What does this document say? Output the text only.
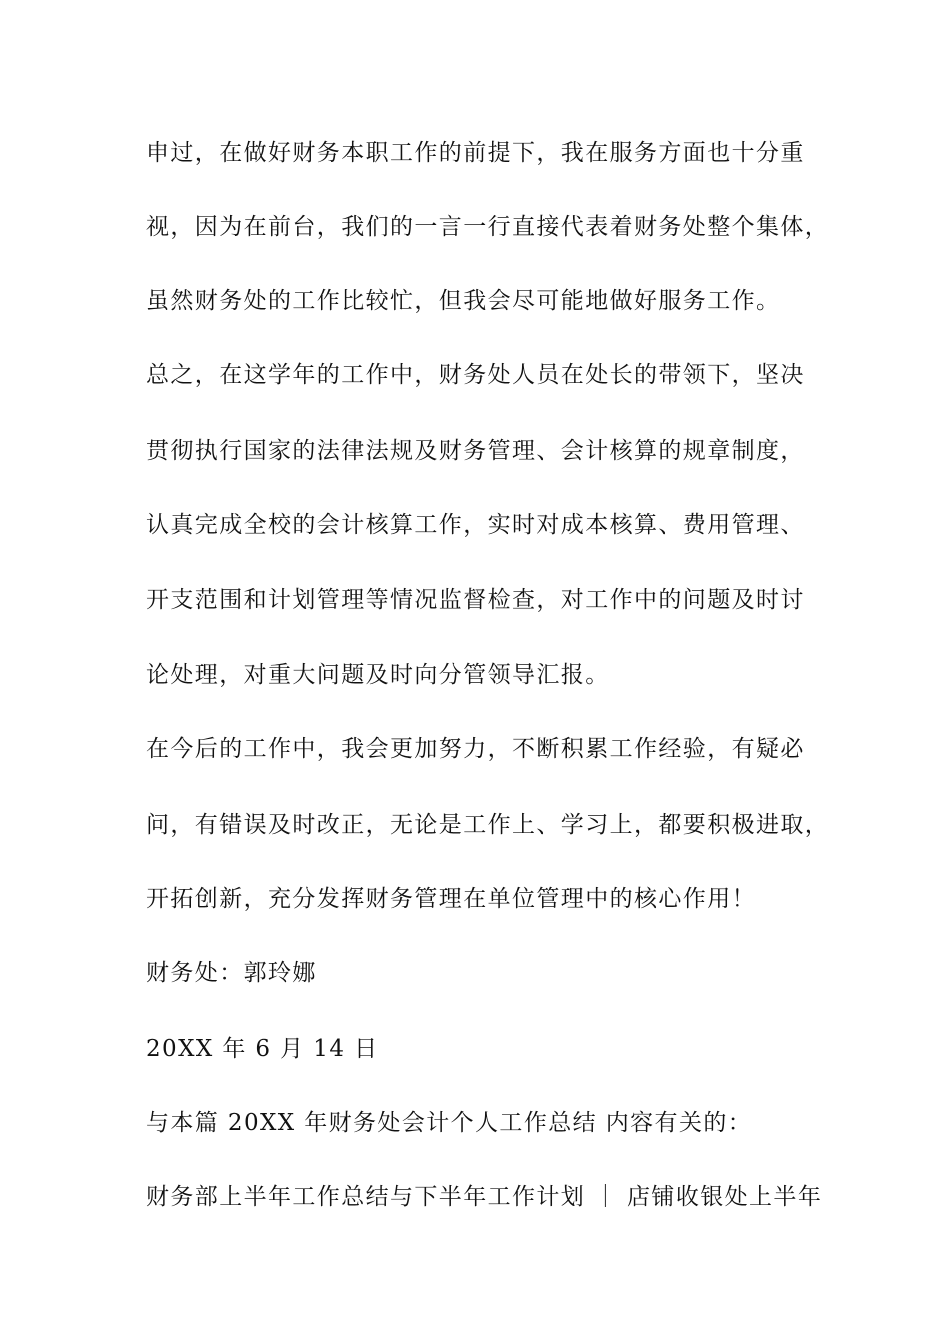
申过，在做好财务本职工作的前提下，我在服务方面也十分重
视，因为在前台，我们的一言一行直接代表着财务处整个集体，
虽然财务处的工作比较忙，但我会尽可能地做好服务工作。
总之，在这学年的工作中，财务处人员在处长的带领下，坚决
贯彻执行国家的法律法规及财务管理、会计核算的规章制度，
认真完成全校的会计核算工作，实时对成本核算、费用管理、
开支范围和计划管理等情况监督检查，对工作中的问题及时讨
论处理，对重大问题及时向分管领导汇报。
在今后的工作中，我会更加努力，不断积累工作经验，有疑必
问，有错误及时改正，无论是工作上、学习上，都要积极进取，
开拓创新，充分发挥财务管理在单位管理中的核心作用！
财务处：郭玲娜
20XX 年 6 月 14 日
与本篇 20XX 年财务处会计个人工作总结 内容有关的：
财务部上半年工作总结与下半年工作计划 ｜ 店铺收银处上半年
